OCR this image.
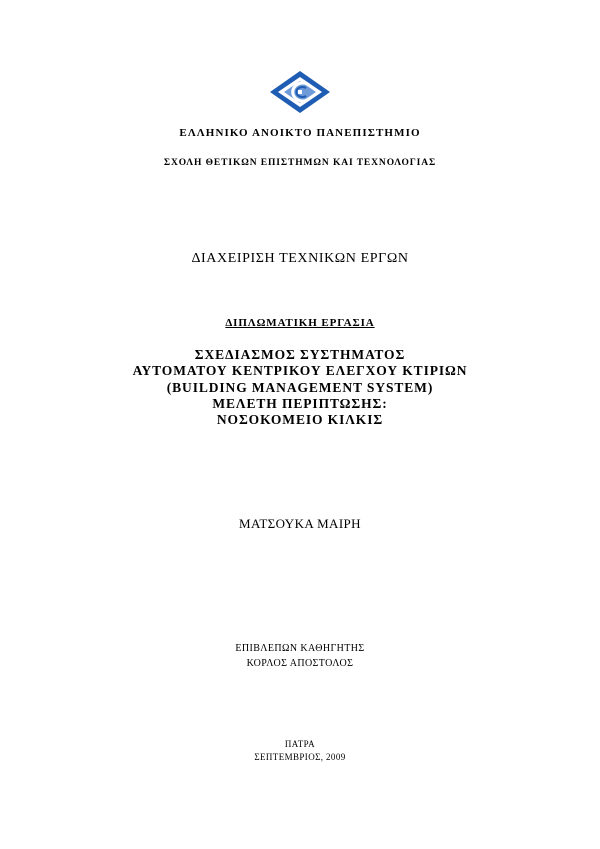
ΕΛΛΗΝΙΚΟ ΑΝΟΙΚΤΟ ΠΑΝΕΠΙΣΤΗΜΙΟ
ΣΧΟΛΗ ΘΕΤΙΚΩΝ ΕΠΙΣΤΗΜΩΝ ΚΑΙ ΤΕΧΝΟΛΟΓΙΑΣ
ΔΙΑΧΕΙΡΙΣΗ ΤΕΧΝΙΚΩΝ ΕΡΓΩΝ
ΔΙΠΛΩΜΑΤΙΚΗ ΕΡΓΑΣΙΑ
ΣΧΕΔΙΑΣΜΟΣ ΣΥΣΤΗΜΑΤΟΣ
ΑΥΤΟΜΑΤΟΥ ΚΕΝΤΡΙΚΟΥ ΕΛΕΓΧΟΥ ΚΤΙΡΙΩΝ
(BUILDING MANAGEMENT SYSTEM)
ΜΕΛΕΤΗ ΠΕΡΙΠΤΩΣΗΣ:
ΝΟΣΟΚΟΜΕΙΟ ΚΙΛΚΙΣ
ΜΑΤΣΟΥΚΑ ΜΑΙΡΗ
ΕΠΙΒΛΕΠΩΝ ΚΑΘΗΓΗΤΗΣ
ΚΟΡΛΟΣ ΑΠΟΣΤΟΛΟΣ
ΠΑΤΡΑ
ΣΕΠΤΕΜΒΡΙΟΣ, 2009
